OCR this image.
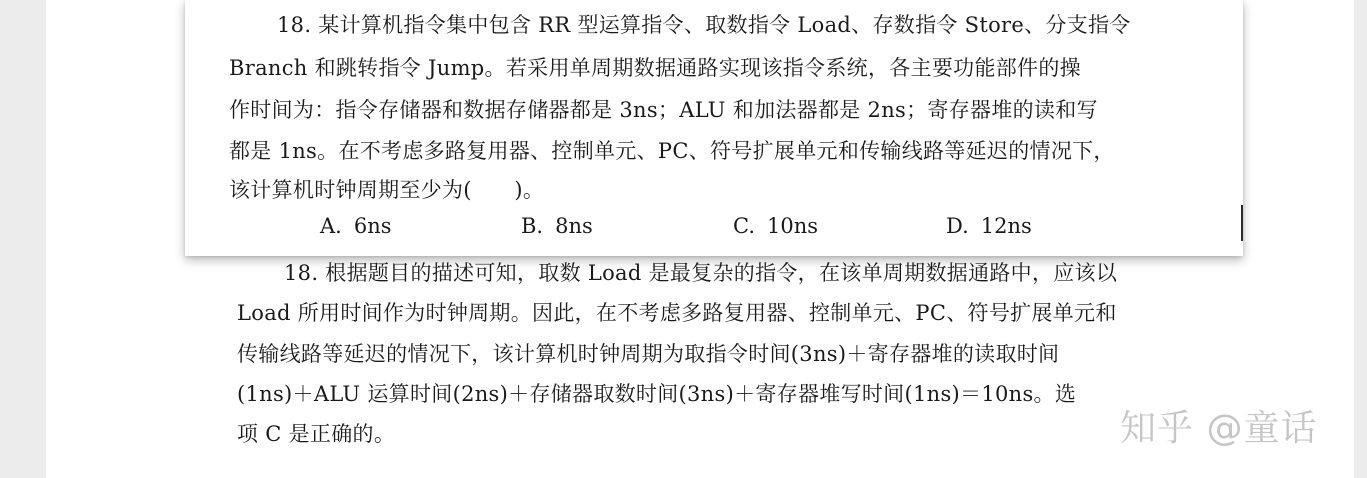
18. 某计算机指令集中包含 RR 型运算指令、取数指令 Load、存数指令 Store、分支指令
Branch 和跳转指令 Jump。若采用单周期数据通路实现该指令系统，各主要功能部件的操
作时间为：指令存储器和数据存储器都是 3ns；ALU 和加法器都是 2ns；寄存器堆的读和写
都是 1ns。在不考虑多路复用器、控制单元、PC、符号扩展单元和传输线路等延迟的情况下，
该计算机时钟周期至少为(　　)。
A. 6ns	B. 8ns	C. 10ns	D. 12ns
18. 根据题目的描述可知，取数 Load 是最复杂的指令，在该单周期数据通路中，应该以
Load 所用时间作为时钟周期。因此，在不考虑多路复用器、控制单元、PC、符号扩展单元和
传输线路等延迟的情况下，该计算机时钟周期为取指令时间(3ns)＋寄存器堆的读取时间
(1ns)＋ALU 运算时间(2ns)＋存储器取数时间(3ns)＋寄存器堆写时间(1ns)＝10ns。选
项 C 是正确的。	知乎 @童话
